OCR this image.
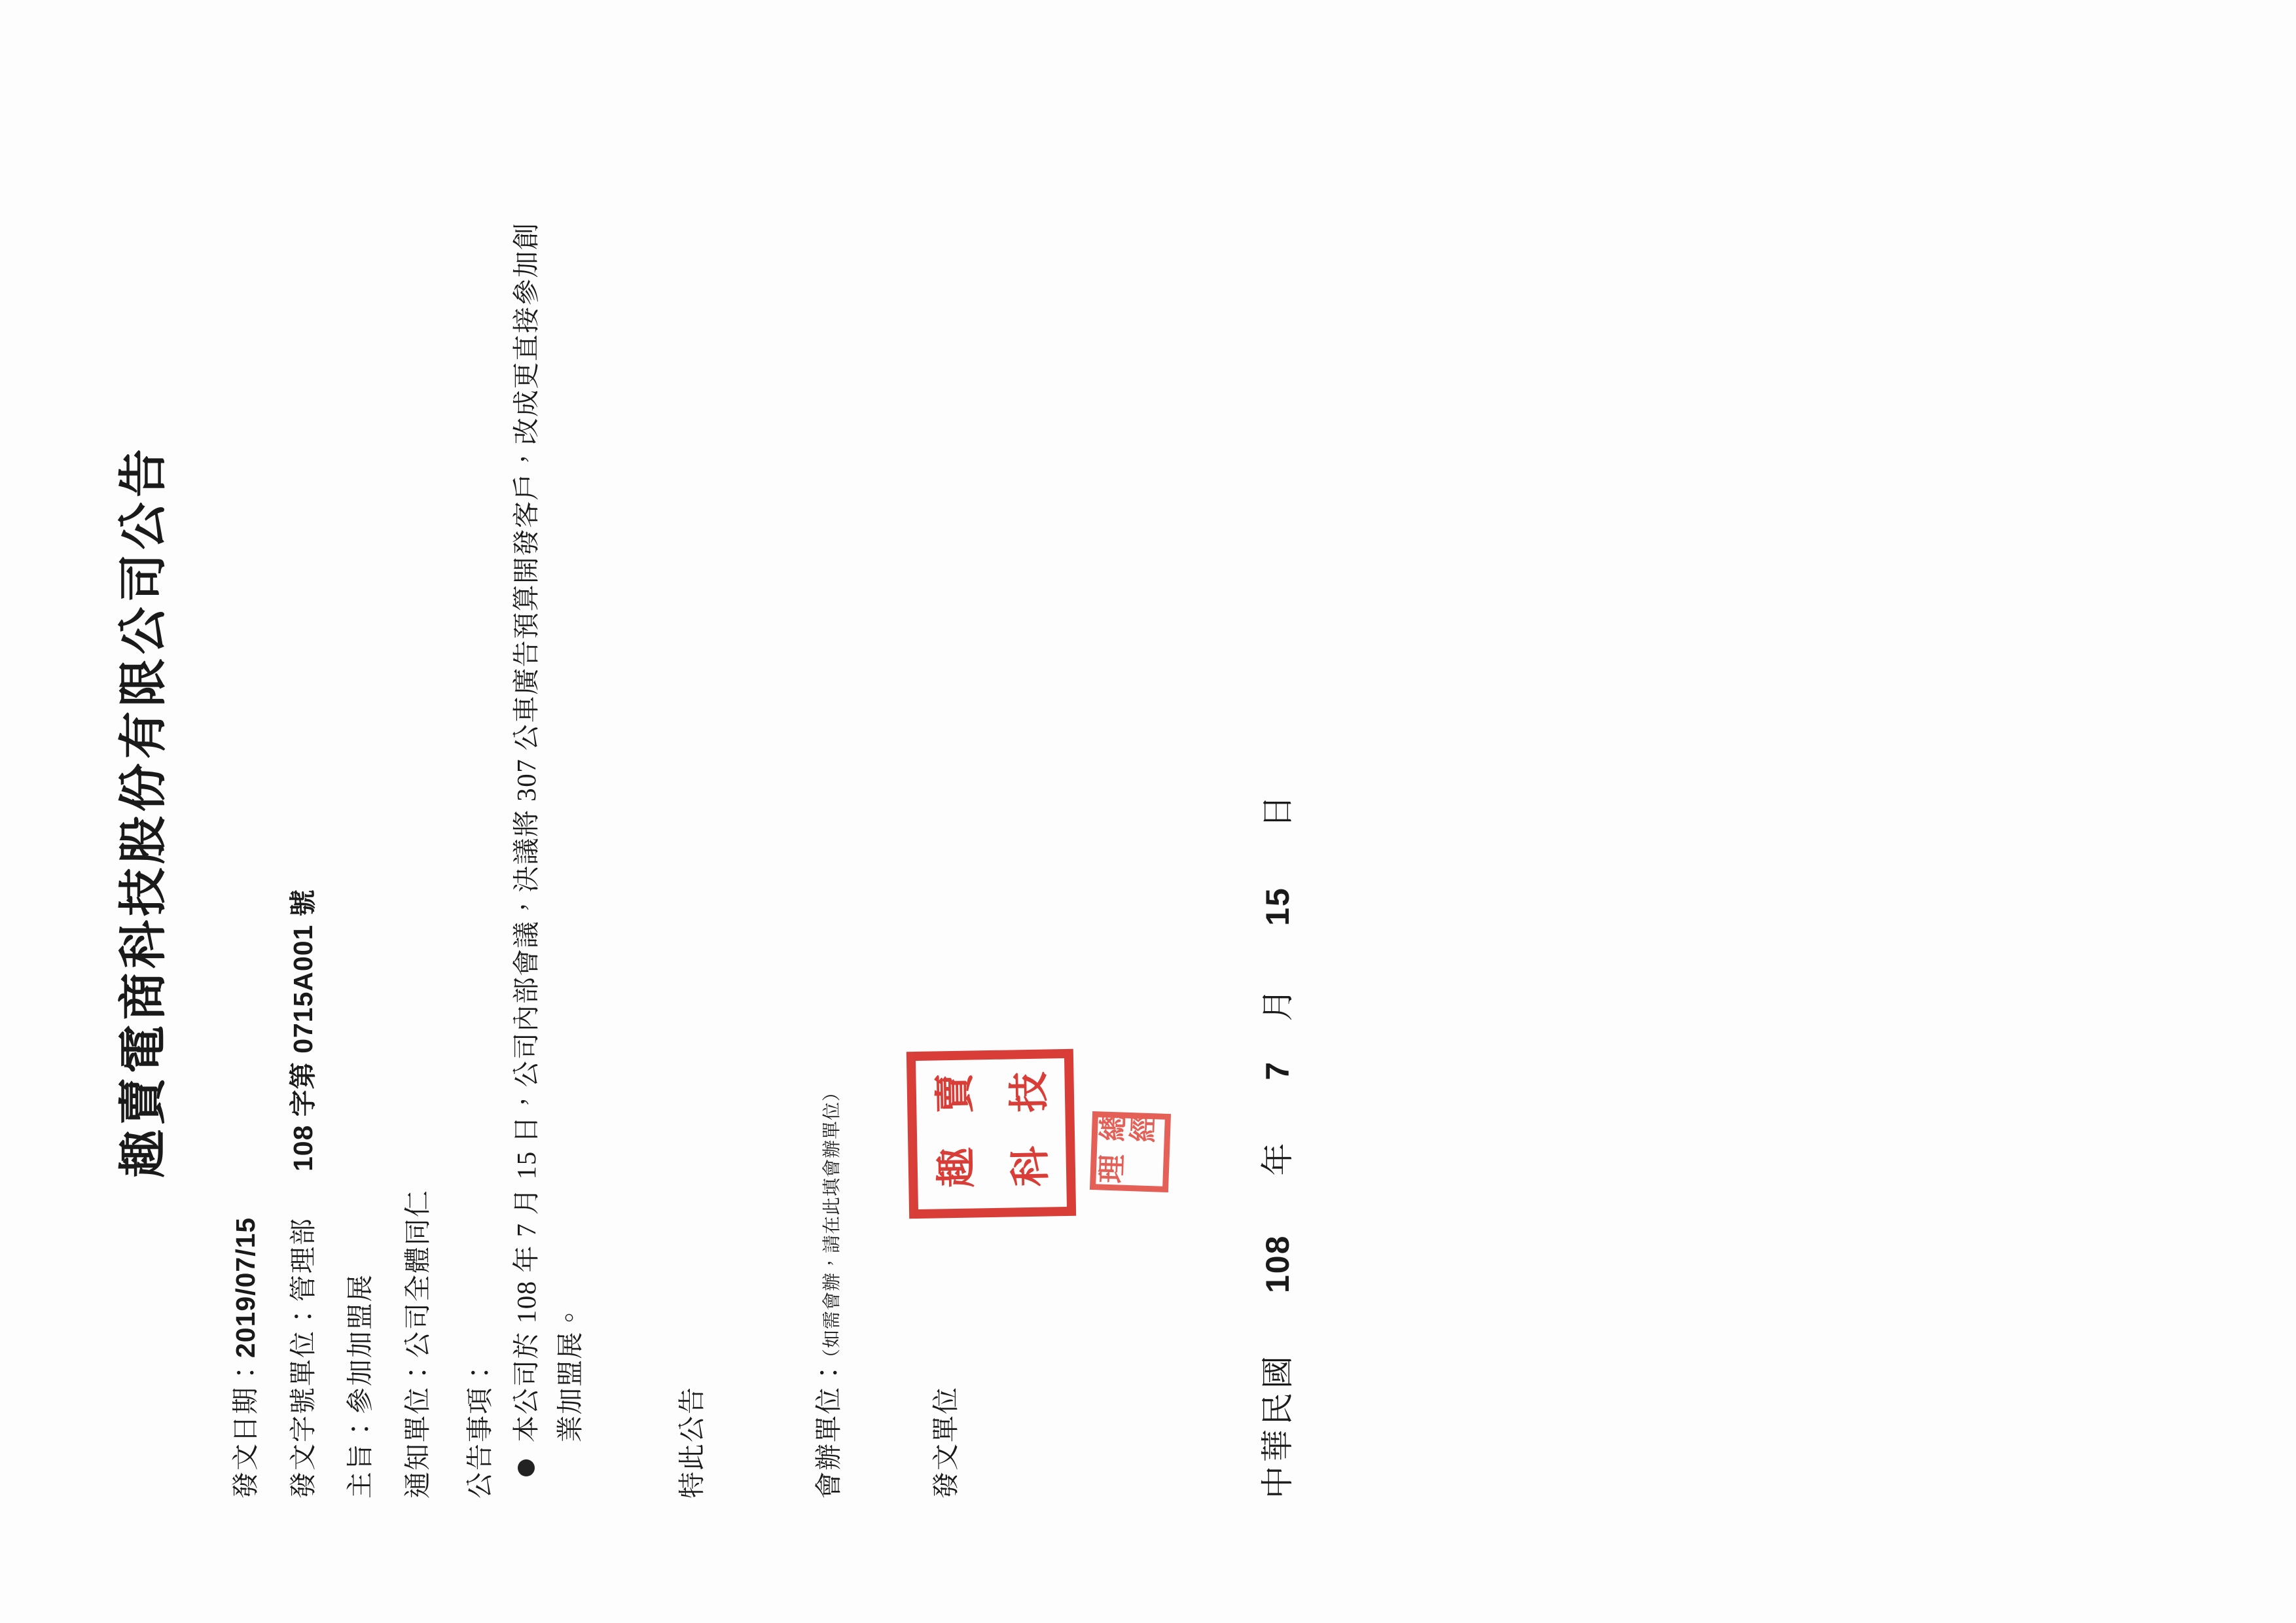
趣賣電商科技股份有限公司公告
發文日期：2019/07/15
發文字號單位：管理部108 字第 0715A001 號
主旨：參加加盟展
通知單位：公司全體同仁
公告事項： 本公司於 108 年 7 月 15 日，公司內部會議，決議將 307 公車廣告預算開發客戶，改成更直接參加創業加盟展。	特此公告	會辦單位：（如需會辦，請在此填會辦單位）
發文單位
趣
賣
科
技
總經理
中華民國108年7月15日
